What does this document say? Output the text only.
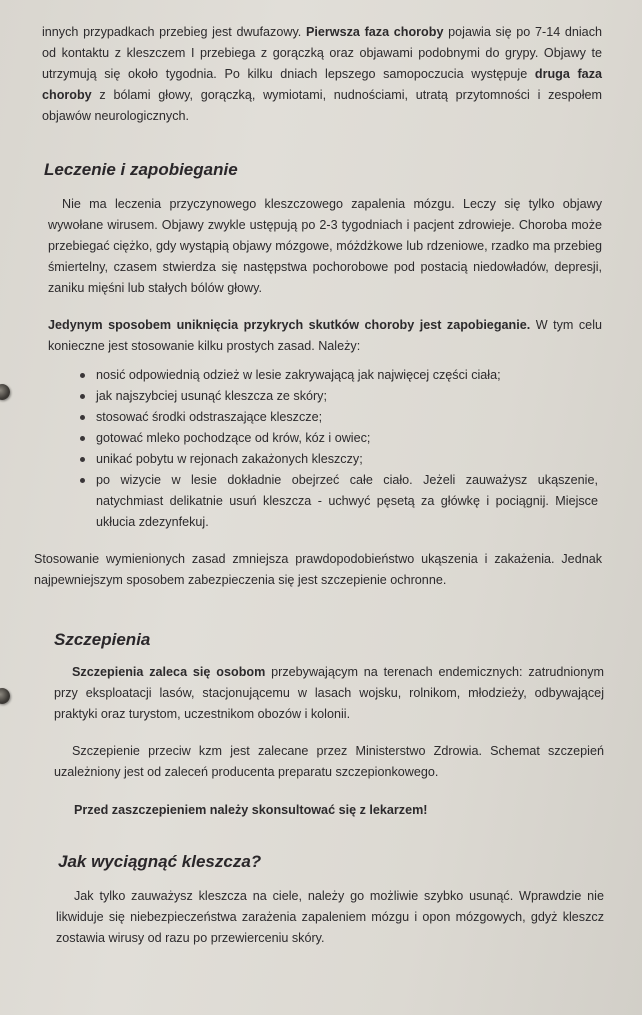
innych przypadkach przebieg jest dwufazowy. Pierwsza faza choroby pojawia się po 7-14 dniach od kontaktu z kleszczem I przebiega z gorączką oraz objawami podobnymi do grypy. Objawy te utrzymują się około tygodnia. Po kilku dniach lepszego samopoczucia występuje druga faza choroby z bólami głowy, gorączką, wymiotami, nudnościami, utratą przytomności i zespołem objawów neurologicznych.

Leczenie i zapobieganie

Nie ma leczenia przyczynowego kleszczowego zapalenia mózgu. Leczy się tylko objawy wywołane wirusem. Objawy zwykle ustępują po 2-3 tygodniach i pacjent zdrowieje. Choroba może przebiegać ciężko, gdy wystąpią objawy mózgowe, móżdżkowe lub rdzeniowe, rzadko ma przebieg śmiertelny, czasem stwierdza się następstwa pochorobowe pod postacią niedowładów, depresji, zaniku mięśni lub stałych bólów głowy.

Jedynym sposobem uniknięcia przykrych skutków choroby jest zapobieganie. W tym celu konieczne jest stosowanie kilku prostych zasad. Należy:

nosić odpowiednią odzież w lesie zakrywającą jak najwięcej części ciała;
jak najszybciej usunąć kleszcza ze skóry;
stosować środki odstraszające kleszcze;
gotować mleko pochodzące od krów, kóz i owiec;
unikać pobytu w rejonach zakażonych kleszczy;
po wizycie w lesie dokładnie obejrzeć całe ciało. Jeżeli zauważysz ukąszenie, natychmiast delikatnie usuń kleszcza - uchwyć pęsetą za główkę i pociągnij. Miejsce ukłucia zdezynfekuj.

Stosowanie wymienionych zasad zmniejsza prawdopodobieństwo ukąszenia i zakażenia. Jednak najpewniejszym sposobem zabezpieczenia się jest szczepienie ochronne.

Szczepienia

Szczepienia zaleca się osobom przebywającym na terenach endemicznych: zatrudnionym przy eksploatacji lasów, stacjonującemu w lasach wojsku, rolnikom, młodzieży, odbywającej praktyki oraz turystom, uczestnikom obozów i kolonii.

Szczepienie przeciw kzm jest zalecane przez Ministerstwo Zdrowia. Schemat szczepień uzależniony jest od zaleceń producenta preparatu szczepionkowego.

Przed zaszczepieniem należy skonsultować się z lekarzem!

Jak wyciągnąć kleszcza?

Jak tylko zauważysz kleszcza na ciele, należy go możliwie szybko usunąć. Wprawdzie nie likwiduje się niebezpieczeństwa zarażenia zapaleniem mózgu i opon mózgowych, gdyż kleszcz zostawia wirusy od razu po przewierceniu skóry.
